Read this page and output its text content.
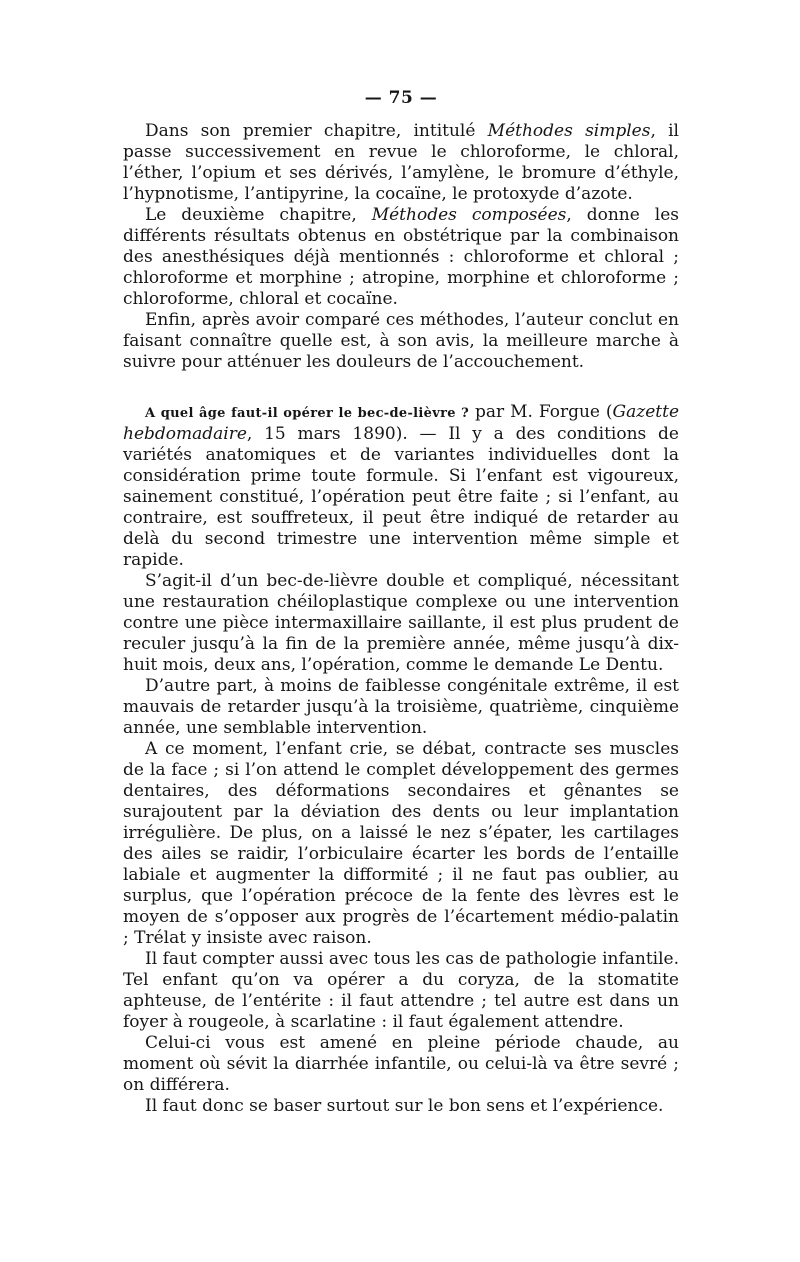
— 75 —

Dans son premier chapitre, intitulé Méthodes simples, il passe successivement en revue le chloroforme, le chloral, l’éther, l’opium et ses dérivés, l’amylène, le bromure d’éthyle, l’hypnotisme, l’antipyrine, la cocaïne, le protoxyde d’azote.

Le deuxième chapitre, Méthodes composées, donne les différents résultats obtenus en obstétrique par la combinaison des anesthésiques déjà mentionnés : chloroforme et chloral ; chloroforme et morphine ; atropine, morphine et chloroforme ; chloroforme, chloral et cocaïne.

Enfin, après avoir comparé ces méthodes, l’auteur conclut en faisant connaître quelle est, à son avis, la meilleure marche à suivre pour atténuer les douleurs de l’accouchement.

A quel âge faut-il opérer le bec-de-lièvre ? par M. Forgue (Gazette hebdomadaire, 15 mars 1890). — Il y a des conditions de variétés anatomiques et de variantes individuelles dont la considération prime toute formule. Si l’enfant est vigoureux, sainement constitué, l’opération peut être faite ; si l’enfant, au contraire, est souffreteux, il peut être indiqué de retarder au delà du second trimestre une intervention même simple et rapide.

S’agit-il d’un bec-de-lièvre double et compliqué, nécessitant une restauration chéiloplastique complexe ou une intervention contre une pièce intermaxillaire saillante, il est plus prudent de reculer jusqu’à la fin de la première année, même jusqu’à dix-huit mois, deux ans, l’opération, comme le demande Le Dentu.

D’autre part, à moins de faiblesse congénitale extrême, il est mauvais de retarder jusqu’à la troisième, quatrième, cinquième année, une semblable intervention.

A ce moment, l’enfant crie, se débat, contracte ses muscles de la face ; si l’on attend le complet développement des germes dentaires, des déformations secondaires et gênantes se surajoutent par la déviation des dents ou leur implantation irrégulière. De plus, on a laissé le nez s’épater, les cartilages des ailes se raidir, l’orbiculaire écarter les bords de l’entaille labiale et augmenter la difformité ; il ne faut pas oublier, au surplus, que l’opération précoce de la fente des lèvres est le moyen de s’opposer aux progrès de l’écartement médio-palatin ; Trélat y insiste avec raison.

Il faut compter aussi avec tous les cas de pathologie infantile. Tel enfant qu’on va opérer a du coryza, de la stomatite aphteuse, de l’entérite : il faut attendre ; tel autre est dans un foyer à rougeole, à scarlatine : il faut également attendre.

Celui-ci vous est amené en pleine période chaude, au moment où sévit la diarrhée infantile, ou celui-là va être sevré ; on différera.

Il faut donc se baser surtout sur le bon sens et l’expérience.
